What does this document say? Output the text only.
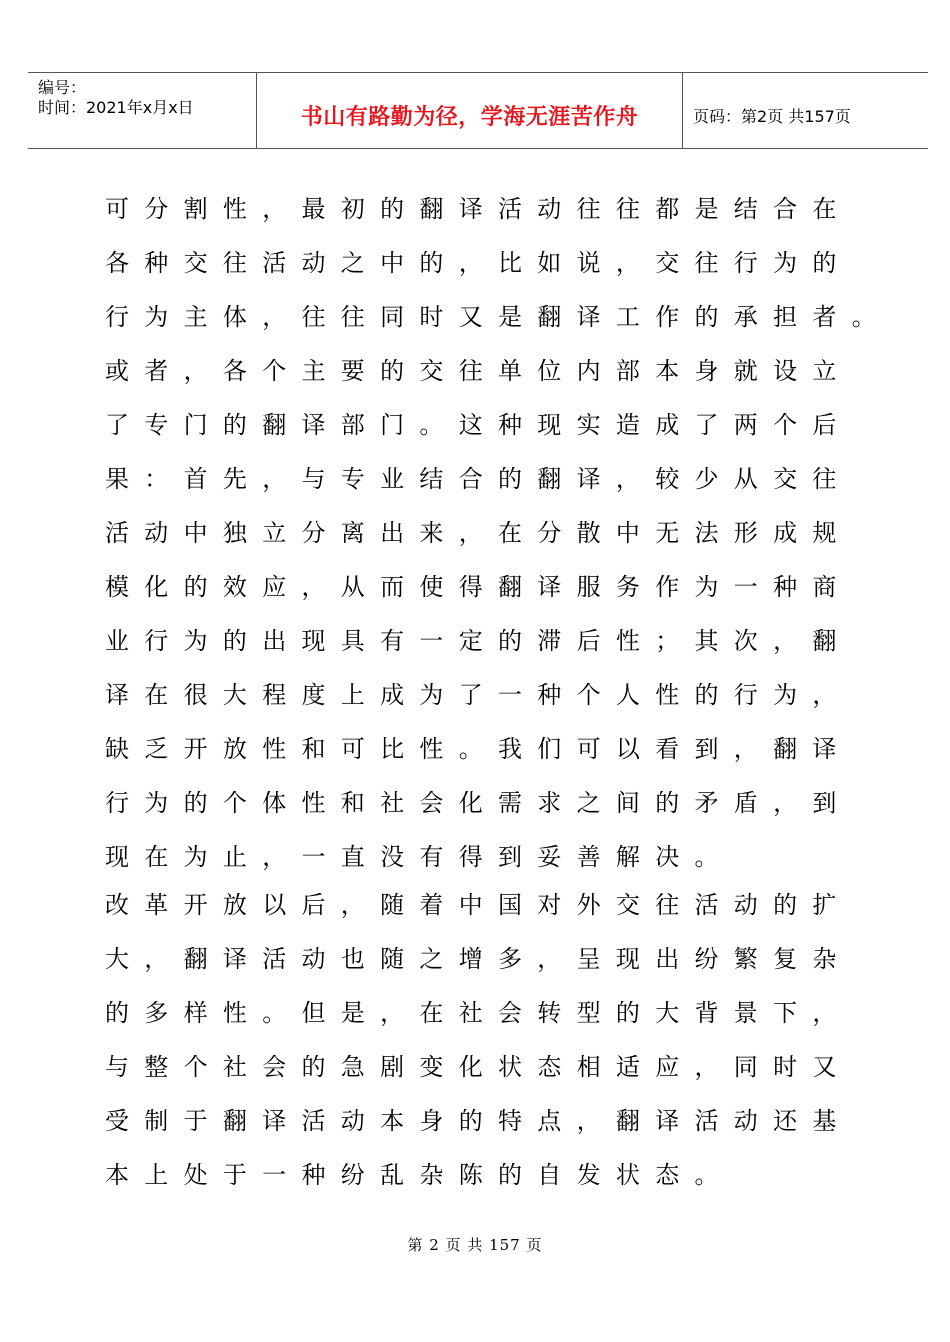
编号：
时间：2021年x月x日	书山有路勤为径，学海无涯苦作舟	页码：第2页 共157页
可分割性，最初的翻译活动往往都是结合在
各种交往活动之中的，比如说，交往行为的
行为主体，往往同时又是翻译工作的承担者。
或者，各个主要的交往单位内部本身就设立
了专门的翻译部门。这种现实造成了两个后
果：首先，与专业结合的翻译，较少从交往
活动中独立分离出来，在分散中无法形成规
模化的效应，从而使得翻译服务作为一种商
业行为的出现具有一定的滞后性；其次，翻
译在很大程度上成为了一种个人性的行为，
缺乏开放性和可比性。我们可以看到，翻译
行为的个体性和社会化需求之间的矛盾，到
现在为止，一直没有得到妥善解决。
改革开放以后，随着中国对外交往活动的扩
大，翻译活动也随之增多，呈现出纷繁复杂
的多样性。但是，在社会转型的大背景下，
与整个社会的急剧变化状态相适应，同时又
受制于翻译活动本身的特点，翻译活动还基
本上处于一种纷乱杂陈的自发状态。
第 2 页 共 157 页
